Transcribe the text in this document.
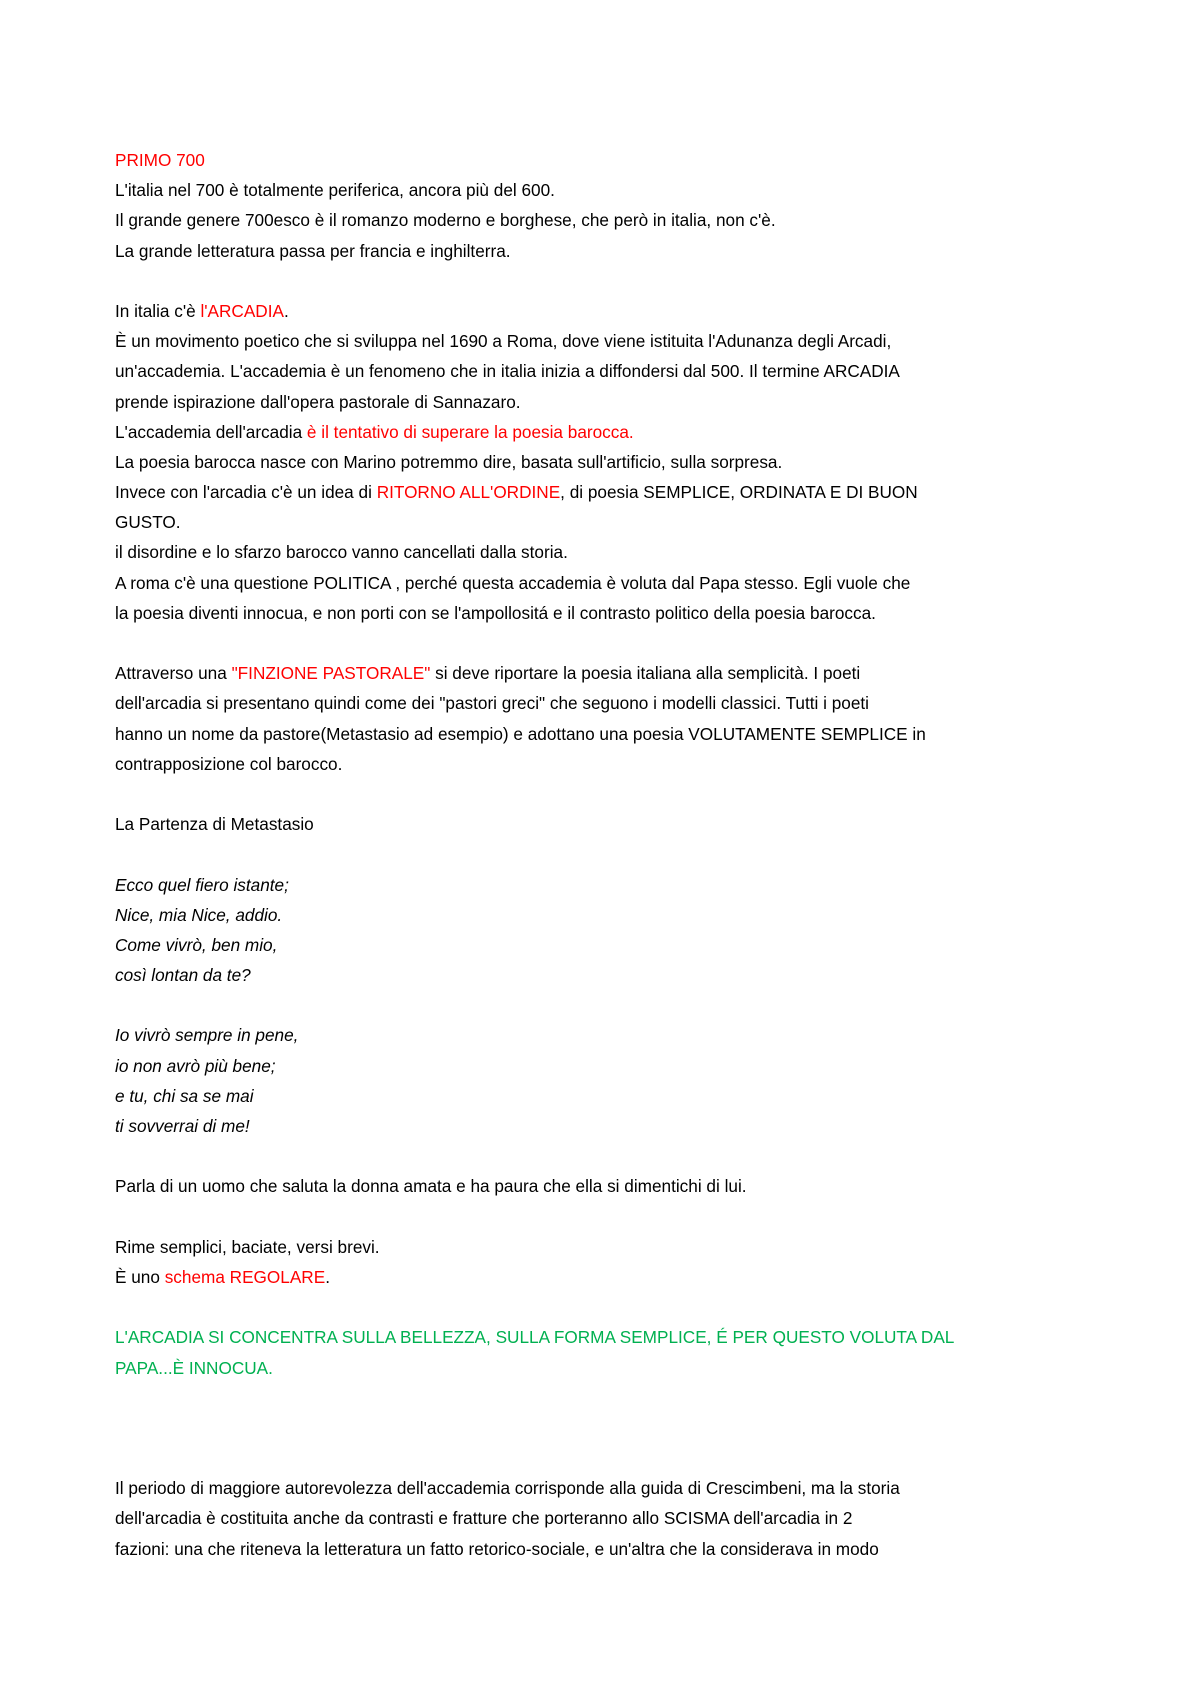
PRIMO 700
L'italia nel 700 è totalmente periferica, ancora più del 600.
Il grande genere 700esco è il romanzo moderno e borghese, che però in italia, non c'è.
La grande letteratura passa per francia e inghilterra.
In italia c'è l'ARCADIA.
È un movimento poetico che si sviluppa nel 1690 a Roma, dove viene istituita l'Adunanza degli Arcadi,
un'accademia. L'accademia è un fenomeno che in italia inizia a diffondersi dal 500. Il termine ARCADIA
prende ispirazione dall'opera pastorale di Sannazaro.
L'accademia dell'arcadia è il tentativo di superare la poesia barocca.
La poesia barocca nasce con Marino potremmo dire, basata sull'artificio, sulla sorpresa.
Invece con l'arcadia c'è un idea di RITORNO ALL'ORDINE, di poesia SEMPLICE, ORDINATA E DI BUON
GUSTO.
il disordine e lo sfarzo barocco vanno cancellati dalla storia.
A roma c'è una questione POLITICA , perché questa accademia è voluta dal Papa stesso. Egli vuole che
la poesia diventi innocua, e non porti con se l'ampollositá e il contrasto politico della poesia barocca.
Attraverso una "FINZIONE PASTORALE" si deve riportare la poesia italiana alla semplicità. I poeti
dell'arcadia si presentano quindi come dei "pastori greci" che seguono i modelli classici. Tutti i poeti
hanno un nome da pastore(Metastasio ad esempio) e adottano una poesia VOLUTAMENTE SEMPLICE in
contrapposizione col barocco.
La Partenza di Metastasio
Ecco quel fiero istante;
Nice, mia Nice, addio.
Come vivrò, ben mio,
così lontan da te?
Io vivrò sempre in pene,
io non avrò più bene;
e tu, chi sa se mai
ti sovverrai di me!
Parla di un uomo che saluta la donna amata e ha paura che ella si dimentichi di lui.
Rime semplici, baciate, versi brevi.
È uno schema REGOLARE.
L'ARCADIA SI CONCENTRA SULLA BELLEZZA, SULLA FORMA SEMPLICE, É PER QUESTO VOLUTA DAL
PAPA...È INNOCUA.
Il periodo di maggiore autorevolezza dell'accademia corrisponde alla guida di Crescimbeni, ma la storia
dell'arcadia è costituita anche da contrasti e fratture che porteranno allo SCISMA dell'arcadia in 2
fazioni: una che riteneva la letteratura un fatto retorico-sociale, e un'altra che la considerava in modo
